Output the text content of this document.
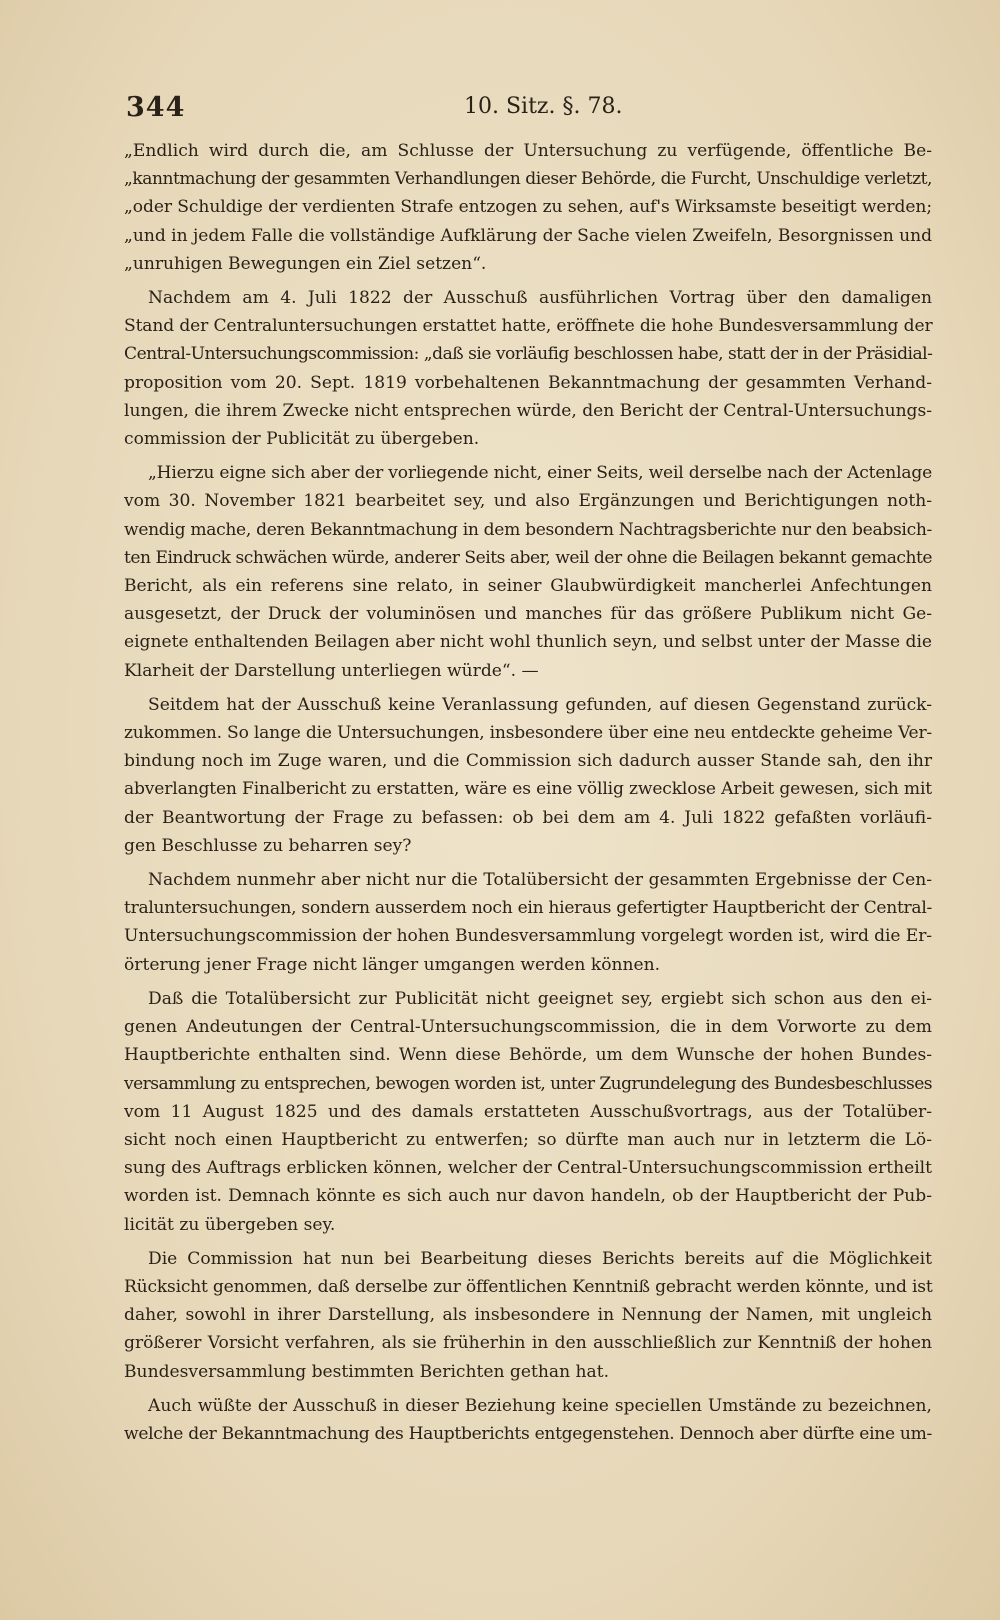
344	10. Sitz. §. 78.
„Endlich wird durch die, am Schlusse der Untersuchung zu verfügende, öffentliche Be-
„kanntmachung der gesammten Verhandlungen dieser Behörde, die Furcht, Unschuldige verletzt,
„oder Schuldige der verdienten Strafe entzogen zu sehen, auf's Wirksamste beseitigt werden;
„und in jedem Falle die vollständige Aufklärung der Sache vielen Zweifeln, Besorgnissen und
„unruhigen Bewegungen ein Ziel setzen“.
Nachdem am 4. Juli 1822 der Ausschuß ausführlichen Vortrag über den damaligen
Stand der Centraluntersuchungen erstattet hatte, eröffnete die hohe Bundesversammlung der
Central-Untersuchungscommission: „daß sie vorläufig beschlossen habe, statt der in der Präsidial-
proposition vom 20. Sept. 1819 vorbehaltenen Bekanntmachung der gesammten Verhand-
lungen, die ihrem Zwecke nicht entsprechen würde, den Bericht der Central-Untersuchungs-
commission der Publicität zu übergeben.
„Hierzu eigne sich aber der vorliegende nicht, einer Seits, weil derselbe nach der Actenlage
vom 30. November 1821 bearbeitet sey, und also Ergänzungen und Berichtigungen noth-
wendig mache, deren Bekanntmachung in dem besondern Nachtragsberichte nur den beabsich-
ten Eindruck schwächen würde, anderer Seits aber, weil der ohne die Beilagen bekannt gemachte
Bericht, als ein referens sine relato, in seiner Glaubwürdigkeit mancherlei Anfechtungen
ausgesetzt, der Druck der voluminösen und manches für das größere Publikum nicht Ge-
eignete enthaltenden Beilagen aber nicht wohl thunlich seyn, und selbst unter der Masse die
Klarheit der Darstellung unterliegen würde“. —
Seitdem hat der Ausschuß keine Veranlassung gefunden, auf diesen Gegenstand zurück-
zukommen. So lange die Untersuchungen, insbesondere über eine neu entdeckte geheime Ver-
bindung noch im Zuge waren, und die Commission sich dadurch ausser Stande sah, den ihr
abverlangten Finalbericht zu erstatten, wäre es eine völlig zwecklose Arbeit gewesen, sich mit
der Beantwortung der Frage zu befassen: ob bei dem am 4. Juli 1822 gefaßten vorläufi-
gen Beschlusse zu beharren sey?
Nachdem nunmehr aber nicht nur die Totalübersicht der gesammten Ergebnisse der Cen-
traluntersuchungen, sondern ausserdem noch ein hieraus gefertigter Hauptbericht der Central-
Untersuchungscommission der hohen Bundesversammlung vorgelegt worden ist, wird die Er-
örterung jener Frage nicht länger umgangen werden können.
Daß die Totalübersicht zur Publicität nicht geeignet sey, ergiebt sich schon aus den ei-
genen Andeutungen der Central-Untersuchungscommission, die in dem Vorworte zu dem
Hauptberichte enthalten sind. Wenn diese Behörde, um dem Wunsche der hohen Bundes-
versammlung zu entsprechen, bewogen worden ist, unter Zugrundelegung des Bundesbeschlusses
vom 11 August 1825 und des damals erstatteten Ausschußvortrags, aus der Totalüber-
sicht noch einen Hauptbericht zu entwerfen; so dürfte man auch nur in letzterm die Lö-
sung des Auftrags erblicken können, welcher der Central-Untersuchungscommission ertheilt
worden ist. Demnach könnte es sich auch nur davon handeln, ob der Hauptbericht der Pub-
licität zu übergeben sey.
Die Commission hat nun bei Bearbeitung dieses Berichts bereits auf die Möglichkeit
Rücksicht genommen, daß derselbe zur öffentlichen Kenntniß gebracht werden könnte, und ist
daher, sowohl in ihrer Darstellung, als insbesondere in Nennung der Namen, mit ungleich
größerer Vorsicht verfahren, als sie früherhin in den ausschließlich zur Kenntniß der hohen
Bundesversammlung bestimmten Berichten gethan hat.
Auch wüßte der Ausschuß in dieser Beziehung keine speciellen Umstände zu bezeichnen,
welche der Bekanntmachung des Hauptberichts entgegenstehen. Dennoch aber dürfte eine um-
